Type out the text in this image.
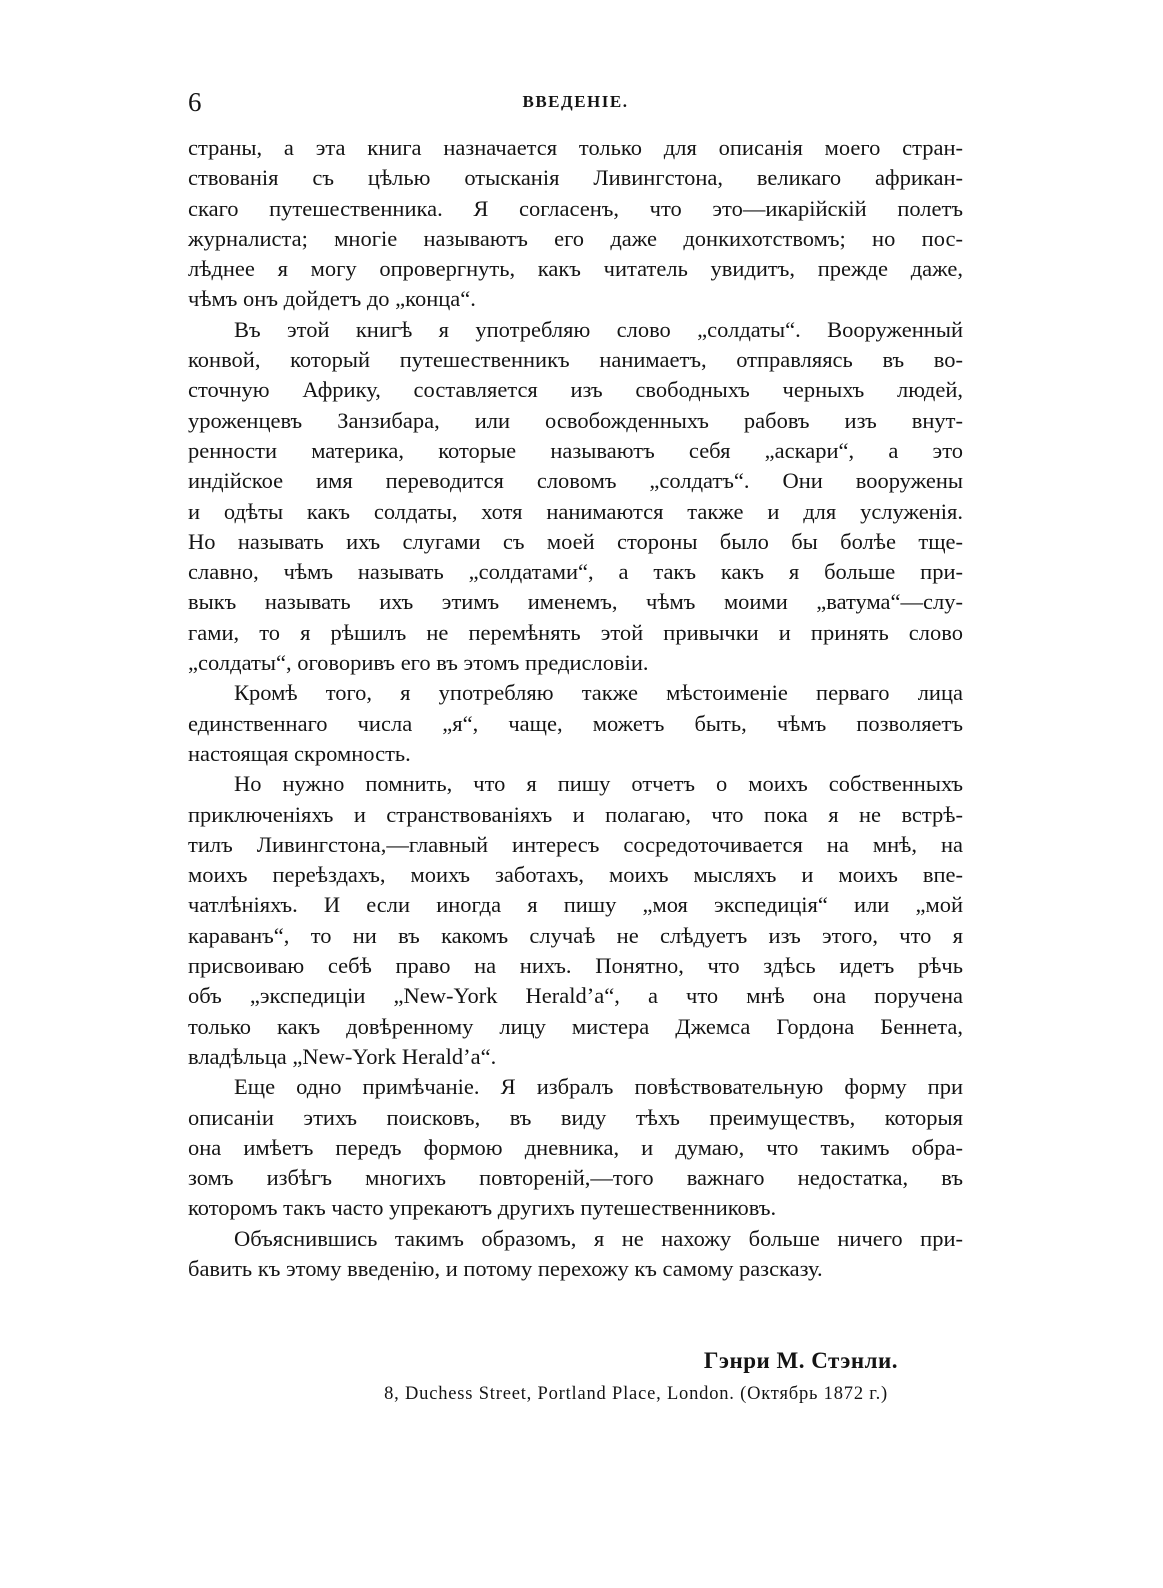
6	ВВЕДЕНІЕ.
страны, а эта книга назначается только для описанія моего стран-
ствованія съ цѣлью отысканія Ливингстона, великаго африкан-
скаго путешественника. Я согласенъ, что это—икарійскій полетъ
журналиста; многіе называютъ его даже донкихотствомъ; но пос-
лѣднее я могу опровергнуть, какъ читатель увидитъ, прежде даже,
чѣмъ онъ дойдетъ до „конца“.
Въ этой книгѣ я употребляю слово „солдаты“. Вооруженный
конвой, который путешественникъ нанимаетъ, отправляясь въ во-
сточную Африку, составляется изъ свободныхъ черныхъ людей,
уроженцевъ Занзибара, или освобожденныхъ рабовъ изъ внут-
ренности материка, которые называютъ себя „аскари“, а это
индійское имя переводится словомъ „солдатъ“. Они вооружены
и одѣты какъ солдаты, хотя нанимаются также и для услуженія.
Но называть ихъ слугами съ моей стороны было бы болѣе тще-
славно, чѣмъ называть „солдатами“, а такъ какъ я больше при-
выкъ называть ихъ этимъ именемъ, чѣмъ моими „ватума“—слу-
гами, то я рѣшилъ не перемѣнять этой привычки и принять слово
„солдаты“, оговоривъ его въ этомъ предисловіи.
Кромѣ того, я употребляю также мѣстоименіе перваго лица
единственнаго числа „я“, чаще, можетъ быть, чѣмъ позволяетъ
настоящая скромность.
Но нужно помнить, что я пишу отчетъ о моихъ собственныхъ
приключеніяхъ и странствованіяхъ и полагаю, что пока я не встрѣ-
тилъ Ливингстона,—главный интересъ сосредоточивается на мнѣ, на
моихъ переѣздахъ, моихъ заботахъ, моихъ мысляхъ и моихъ впе-
чатлѣніяхъ. И если иногда я пишу „моя экспедиція“ или „мой
караванъ“, то ни въ какомъ случаѣ не слѣдуетъ изъ этого, что я
присвоиваю себѣ право на нихъ. Понятно, что здѣсь идетъ рѣчь
объ „экспедиціи „New-York Herald’a“, а что мнѣ она поручена
только какъ довѣренному лицу мистера Джемса Гордона Беннета,
владѣльца „New-York Herald’a“.
Еще одно примѣчаніе. Я избралъ повѣствовательную форму при
описаніи этихъ поисковъ, въ виду тѣхъ преимуществъ, которыя
она имѣетъ передъ формою дневника, и думаю, что такимъ обра-
зомъ избѣгъ многихъ повтореній,—того важнаго недостатка, въ
которомъ такъ часто упрекаютъ другихъ путешественниковъ.
Объяснившись такимъ образомъ, я не нахожу больше ничего при-
бавить къ этому введенію, и потому перехожу къ самому разсказу.
Гэнри М. Стэнли.
8, Duchess Street, Portland Place, London. (Октябрь 1872 г.)
